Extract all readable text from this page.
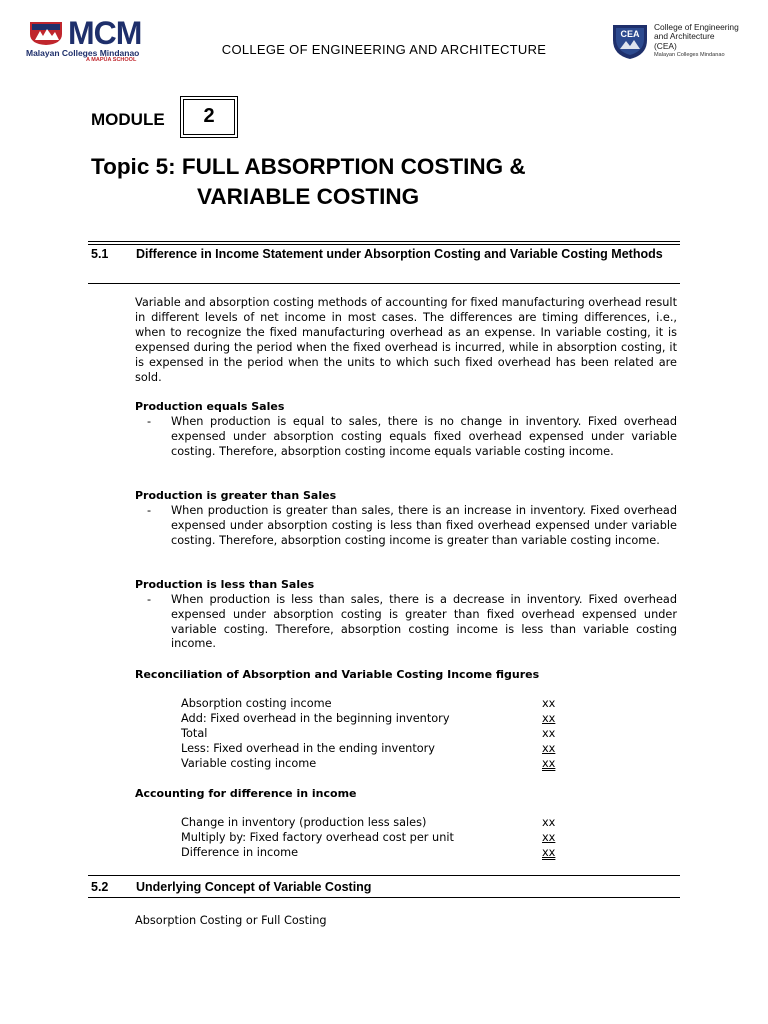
MCM
Malayan Colleges Mindanao
A MAPÚA SCHOOL
COLLEGE OF ENGINEERING AND ARCHITECTURE
CEA
College of Engineering
and Architecture
(CEA)
Malayan Colleges Mindanao
MODULE	2
Topic 5: FULL ABSORPTION COSTING &
VARIABLE COSTING
5.1 Difference in Income Statement under Absorption Costing and Variable Costing Methods
Variable and absorption costing methods of accounting for fixed manufacturing overhead result in different levels of net income in most cases. The differences are timing differences, i.e., when to recognize the fixed manufacturing overhead as an expense. In variable costing, it is expensed during the period when the fixed overhead is incurred, while in absorption costing, it is expensed in the period when the units to which such fixed overhead has been related are sold.
Production equals Sales
- When production is equal to sales, there is no change in inventory. Fixed overhead expensed under absorption costing equals fixed overhead expensed under variable costing. Therefore, absorption costing income equals variable costing income.
Production is greater than Sales
- When production is greater than sales, there is an increase in inventory. Fixed overhead expensed under absorption costing is less than fixed overhead expensed under variable costing. Therefore, absorption costing income is greater than variable costing income.
Production is less than Sales
- When production is less than sales, there is a decrease in inventory. Fixed overhead expensed under absorption costing is greater than fixed overhead expensed under variable costing. Therefore, absorption costing income is less than variable costing income.
Reconciliation of Absorption and Variable Costing Income figures
Absorption costing income	xx
Add: Fixed overhead in the beginning inventory	xx
Total	xx
Less: Fixed overhead in the ending inventory	xx
Variable costing income	xx
Accounting for difference in income
Change in inventory (production less sales)	xx
Multiply by: Fixed factory overhead cost per unit	xx
Difference in income	xx
5.2 Underlying Concept of Variable Costing
Absorption Costing or Full Costing
